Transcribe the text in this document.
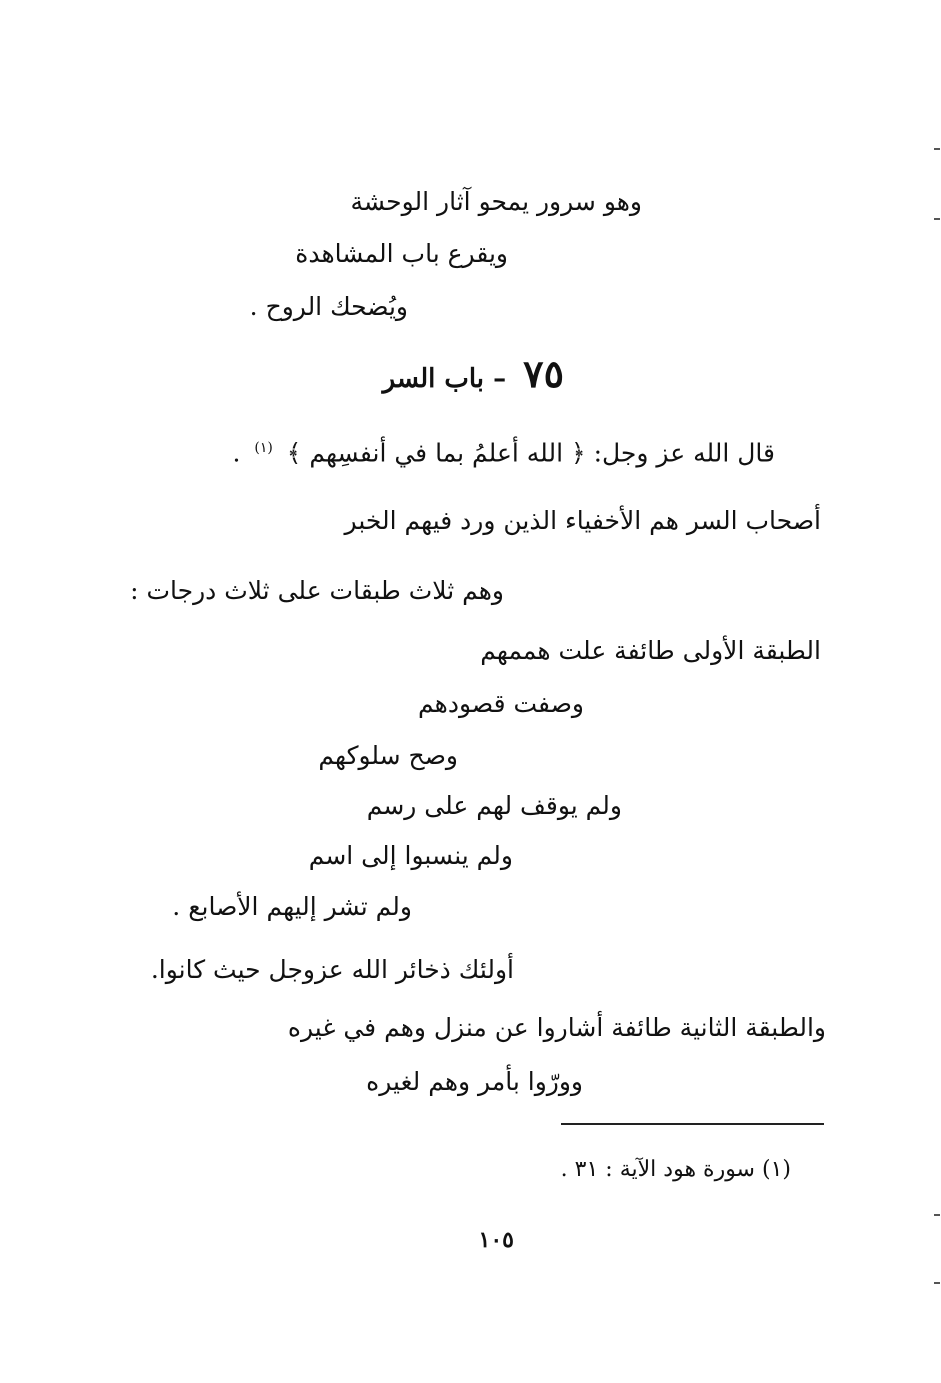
وهو سرور يمحو آثار الوحشة
ويقرع باب المشاهدة
ويُضحك الروح .
٧٥ – باب السر
قال الله عز وجل: ﴿ الله أعلمُ بما في أنفسِهم ﴾ $^{(١)}$ .
أصحاب السر هم الأخفياء الذين ورد فيهم الخبر
وهم ثلاث طبقات على ثلاث درجات :
الطبقة الأولى طائفة علت هممهم
وصفت قصودهم
وصح سلوكهم
ولم يوقف لهم على رسم
ولم ينسبوا إلى اسم
ولم تشر إليهم الأصابع .
أولئك ذخائر الله عزوجل حيث كانوا.
والطبقة الثانية طائفة أشاروا عن منزل وهم في غيره
وورّوا بأمر وهم لغيره
(١) سورة هود الآية : ٣١ .
١٠٥
